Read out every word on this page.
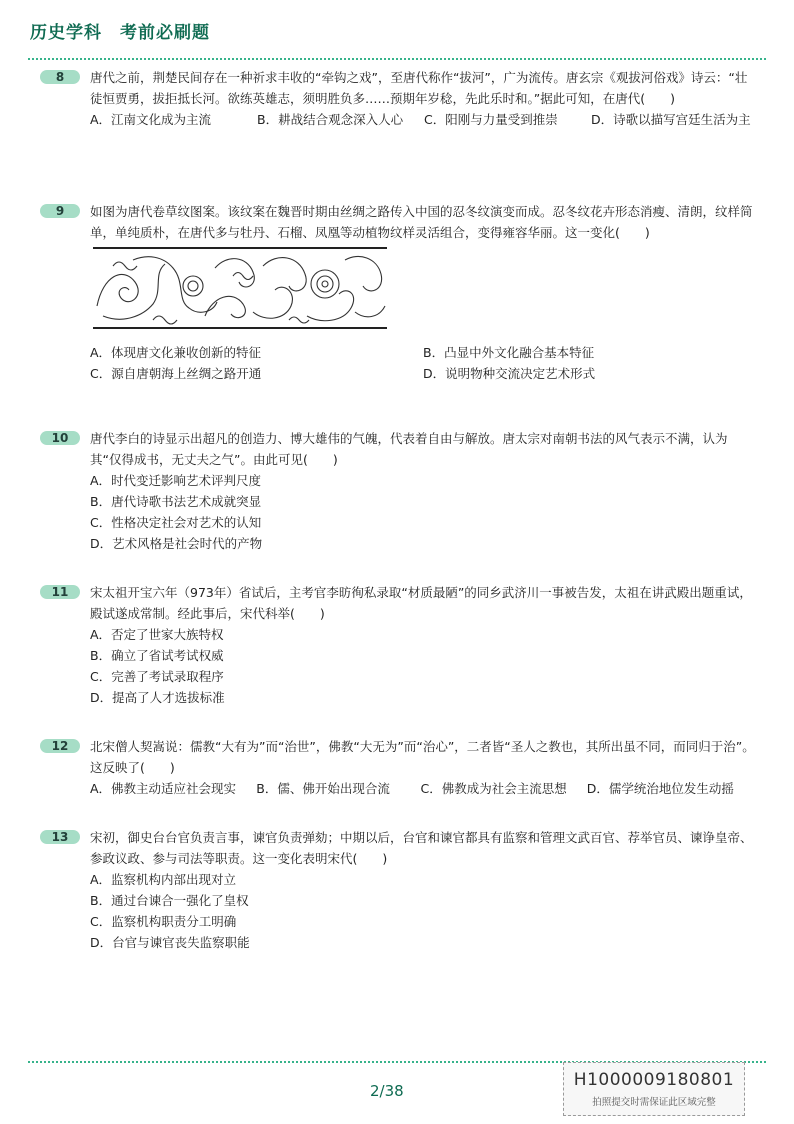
历史学科 考前必刷题
8	唐代之前，荆楚民间存在一种祈求丰收的“牵钩之戏”，至唐代称作“拔河”，广为流传。唐玄宗《观拔河俗戏》诗云：“壮徒恒贾勇，拔拒抵长河。欲练英雄志，须明胜负多……预期年岁稔，先此乐时和。”据此可知，在唐代(　　)
A．江南文化成为主流	B．耕战结合观念深入人心	C．阳刚与力量受到推崇	D．诗歌以描写宫廷生活为主
9	如图为唐代卷草纹图案。该纹案在魏晋时期由丝绸之路传入中国的忍冬纹演变而成。忍冬纹花卉形态消瘦、清朗，纹样简单，单纯质朴，在唐代多与牡丹、石榴、凤凰等动植物纹样灵活组合，变得雍容华丽。这一变化(　　)
A．体现唐文化兼收创新的特征	B．凸显中外文化融合基本特征
C．源自唐朝海上丝绸之路开通	D．说明物种交流决定艺术形式
10	唐代李白的诗显示出超凡的创造力、博大雄伟的气魄，代表着自由与解放。唐太宗对南朝书法的风气表示不满，认为其“仅得成书，无丈夫之气”。由此可见(　　)
A．时代变迁影响艺术评判尺度
B．唐代诗歌书法艺术成就突显
C．性格决定社会对艺术的认知
D．艺术风格是社会时代的产物
11	宋太祖开宝六年（973年）省试后，主考官李昉徇私录取“材质最陋”的同乡武济川一事被告发，太祖在讲武殿出题重试，殿试遂成常制。经此事后，宋代科举(　　)
A．否定了世家大族特权
B．确立了省试考试权威
C．完善了考试录取程序
D．提高了人才选拔标准
12	北宋僧人契嵩说：儒教“大有为”而“治世”，佛教“大无为”而“治心”，二者皆“圣人之教也，其所出虽不同，而同归于治”。这反映了(　　)
A．佛教主动适应社会现实	B．儒、佛开始出现合流	C．佛教成为社会主流思想	D．儒学统治地位发生动摇
13	宋初，御史台台官负责言事，谏官负责弹劾；中期以后，台官和谏官都具有监察和管理文武百官、荐举官员、谏诤皇帝、参政议政、参与司法等职责。这一变化表明宋代(　　)
A．监察机构内部出现对立
B．通过台谏合一强化了皇权
C．监察机构职责分工明确
D．台官与谏官丧失监察职能
2/38
H1000009180801
拍照提交时需保证此区域完整
